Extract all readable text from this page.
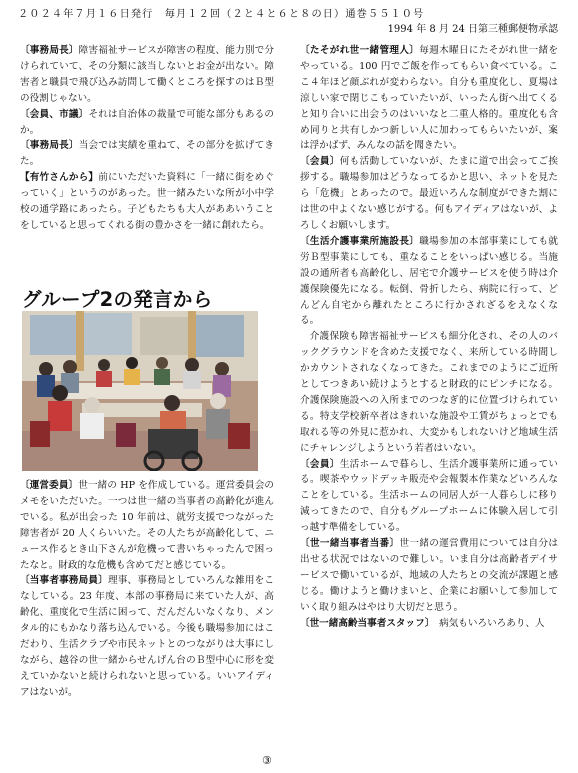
２０２４年７月１６日発行　毎月１２回（２と４と６と８の日）通巻５５１０号
1994 年 8 月 24 日第三種郵便物承認

〔事務局長〕障害福祉サービスが障害の程度、能力別で分けられていて、その分類に該当しないとお金が出ない。障害者と職員で飛び込み訪問して働くところを探すのはＢ型の役割じゃない。

〔会員、市議〕それは自治体の裁量で可能な部分もあるのか。

〔事務局長〕当会では実績を重ねて、その部分を拡げてきた。

【有竹さんから】前にいただいた資料に「一緒に街をめぐっていく」というのがあった。世一緒みたいな所が小中学校の通学路にあったら。子どもたちも大人がああいうことをしていると思ってくれる街の豊かさを一緒に創れたら。

グループ2の発言から

〔運営委員〕世一緒の HP を作成している。運営委員会のメモをいただいた。一つは世一緒の当事者の高齢化が進んでいる。私が出会った 10 年前は、就労支援でつながった障害者が 20 人くらいいた。その人たちが高齢化して、ニュース作るとき山下さんが危機って書いちゃったんで困ったなと。財政的な危機も含めてだと感じている。

〔当事者事務局員〕理事、事務局としていろんな雑用をこなしている。23 年度、本部の事務局に来ていた人が、高齢化、重度化で生活に困って、だんだんいなくなり、メンタル的にもかなり落ち込んでいる。今後も職場参加にはこだわり、生活クラブや市民ネットとのつながりは大事にしながら、越谷の世一緒からせんげん台のＢ型中心に形を変えていかないと続けられないと思っている。いいアイディアはないが。

〔たそがれ世一緒管理人〕毎週木曜日にたそがれ世一緒をやっている。100 円でご飯を作ってもらい食べている。ここ４年ほど顔ぶれが変わらない。自分も重度化し、夏場は涼しい家で閉じこもっていたいが、いったん街へ出てくると知り合いに出会うのはいいなと二重人格的。重度化も含め同りと共有しかつ新しい人に加わってもらいたいが、案は浮かばず、みんなの話を聞きたい。

〔会員〕何も活動していないが、たまに道で出会ってご挨拶する。職場参加はどうなってるかと思い、ネットを見たら「危機」とあったので。最近いろんな制度ができた割には世の中よくない感じがする。何もアイディアはないが、よろしくお願いします。

〔生活介護事業所施設長〕職場参加の本部事業にしても就労Ｂ型事業にしても、重なることをいっぱい感じる。当施設の通所者も高齢化し、居宅で介護サービスを使う時は介護保険優先になる。転倒、骨折したら、病院に行って、どんどん自宅から離れたところに行かされざるをえなくなる。

介護保険も障害福祉サービスも細分化され、その人のバックグラウンドを含めた支援でなく、来所している時間しかカウントされなくなってきた。これまでのようにご近所としてつきあい続けようとすると財政的にピンチになる。介護保険施設への入所までのつなぎ的に位置づけられている。特支学校新卒者はきれいな施設や工賃がちょっとでも取れる等の外見に惹かれ、大変かもしれないけど地域生活にチャレンジしようという若者はいない。

〔会員〕生活ホームで暮らし、生活介護事業所に通っている。喫茶やウッドデッキ販売や会報製本作業などいろんなことをしている。生活ホームの同居人が一人暮らしに移り減ってきたので、自分もグループホームに体験入居して引っ越す準備をしている。

〔世一緒当事者当番〕世一緒の運営費用については自分は出せる状況ではないので難しい。いま自分は高齢者デイサービスで働いているが、地域の人たちとの交流が課題と感じる。働けようと働けまいと、企業にお願いして参加していく取り組みはやはり大切だと思う。

〔世一緒高齢当事者スタッフ〕　病気もいろいろあり、人

③
